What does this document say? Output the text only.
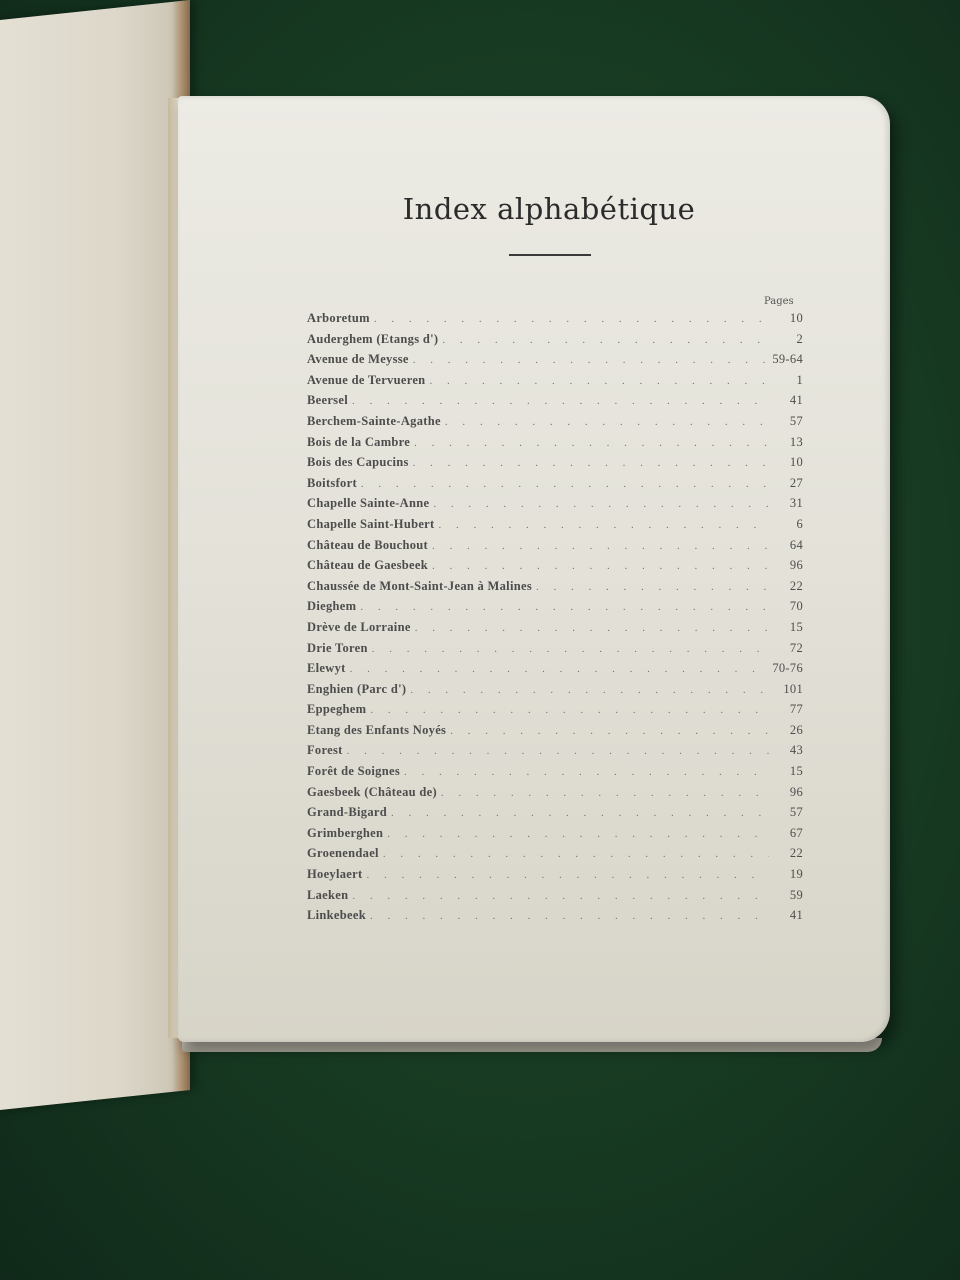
Index alphabétique
Pages
Arboretum . . .	10
Auderghem (Etangs d') . . .	2
Avenue de Meysse . . .	59-64
Avenue de Tervueren . . .	1
Beersel . . .	41
Berchem-Sainte-Agathe . . .	57
Bois de la Cambre . . .	13
Bois des Capucins . . .	10
Boitsfort . . .	27
Chapelle Sainte-Anne . . .	31
Chapelle Saint-Hubert . . .	6
Château de Bouchout . . .	64
Château de Gaesbeek . . .	96
Chaussée de Mont-Saint-Jean à Malines . . .	22
Dieghem . . .	70
Drève de Lorraine . . .	15
Drie Toren . . .	72
Elewyt . . .	70-76
Enghien (Parc d') . . .	101
Eppeghem . . .	77
Etang des Enfants Noyés . . .	26
Forest . . .	43
Forêt de Soignes . . .	15
Gaesbeek (Château de) . . .	96
Grand-Bigard . . .	57
Grimberghen . . .	67
Groenendael . . .	22
Hoeylaert . . .	19
Laeken . . .	59
Linkebeek . . .	41
